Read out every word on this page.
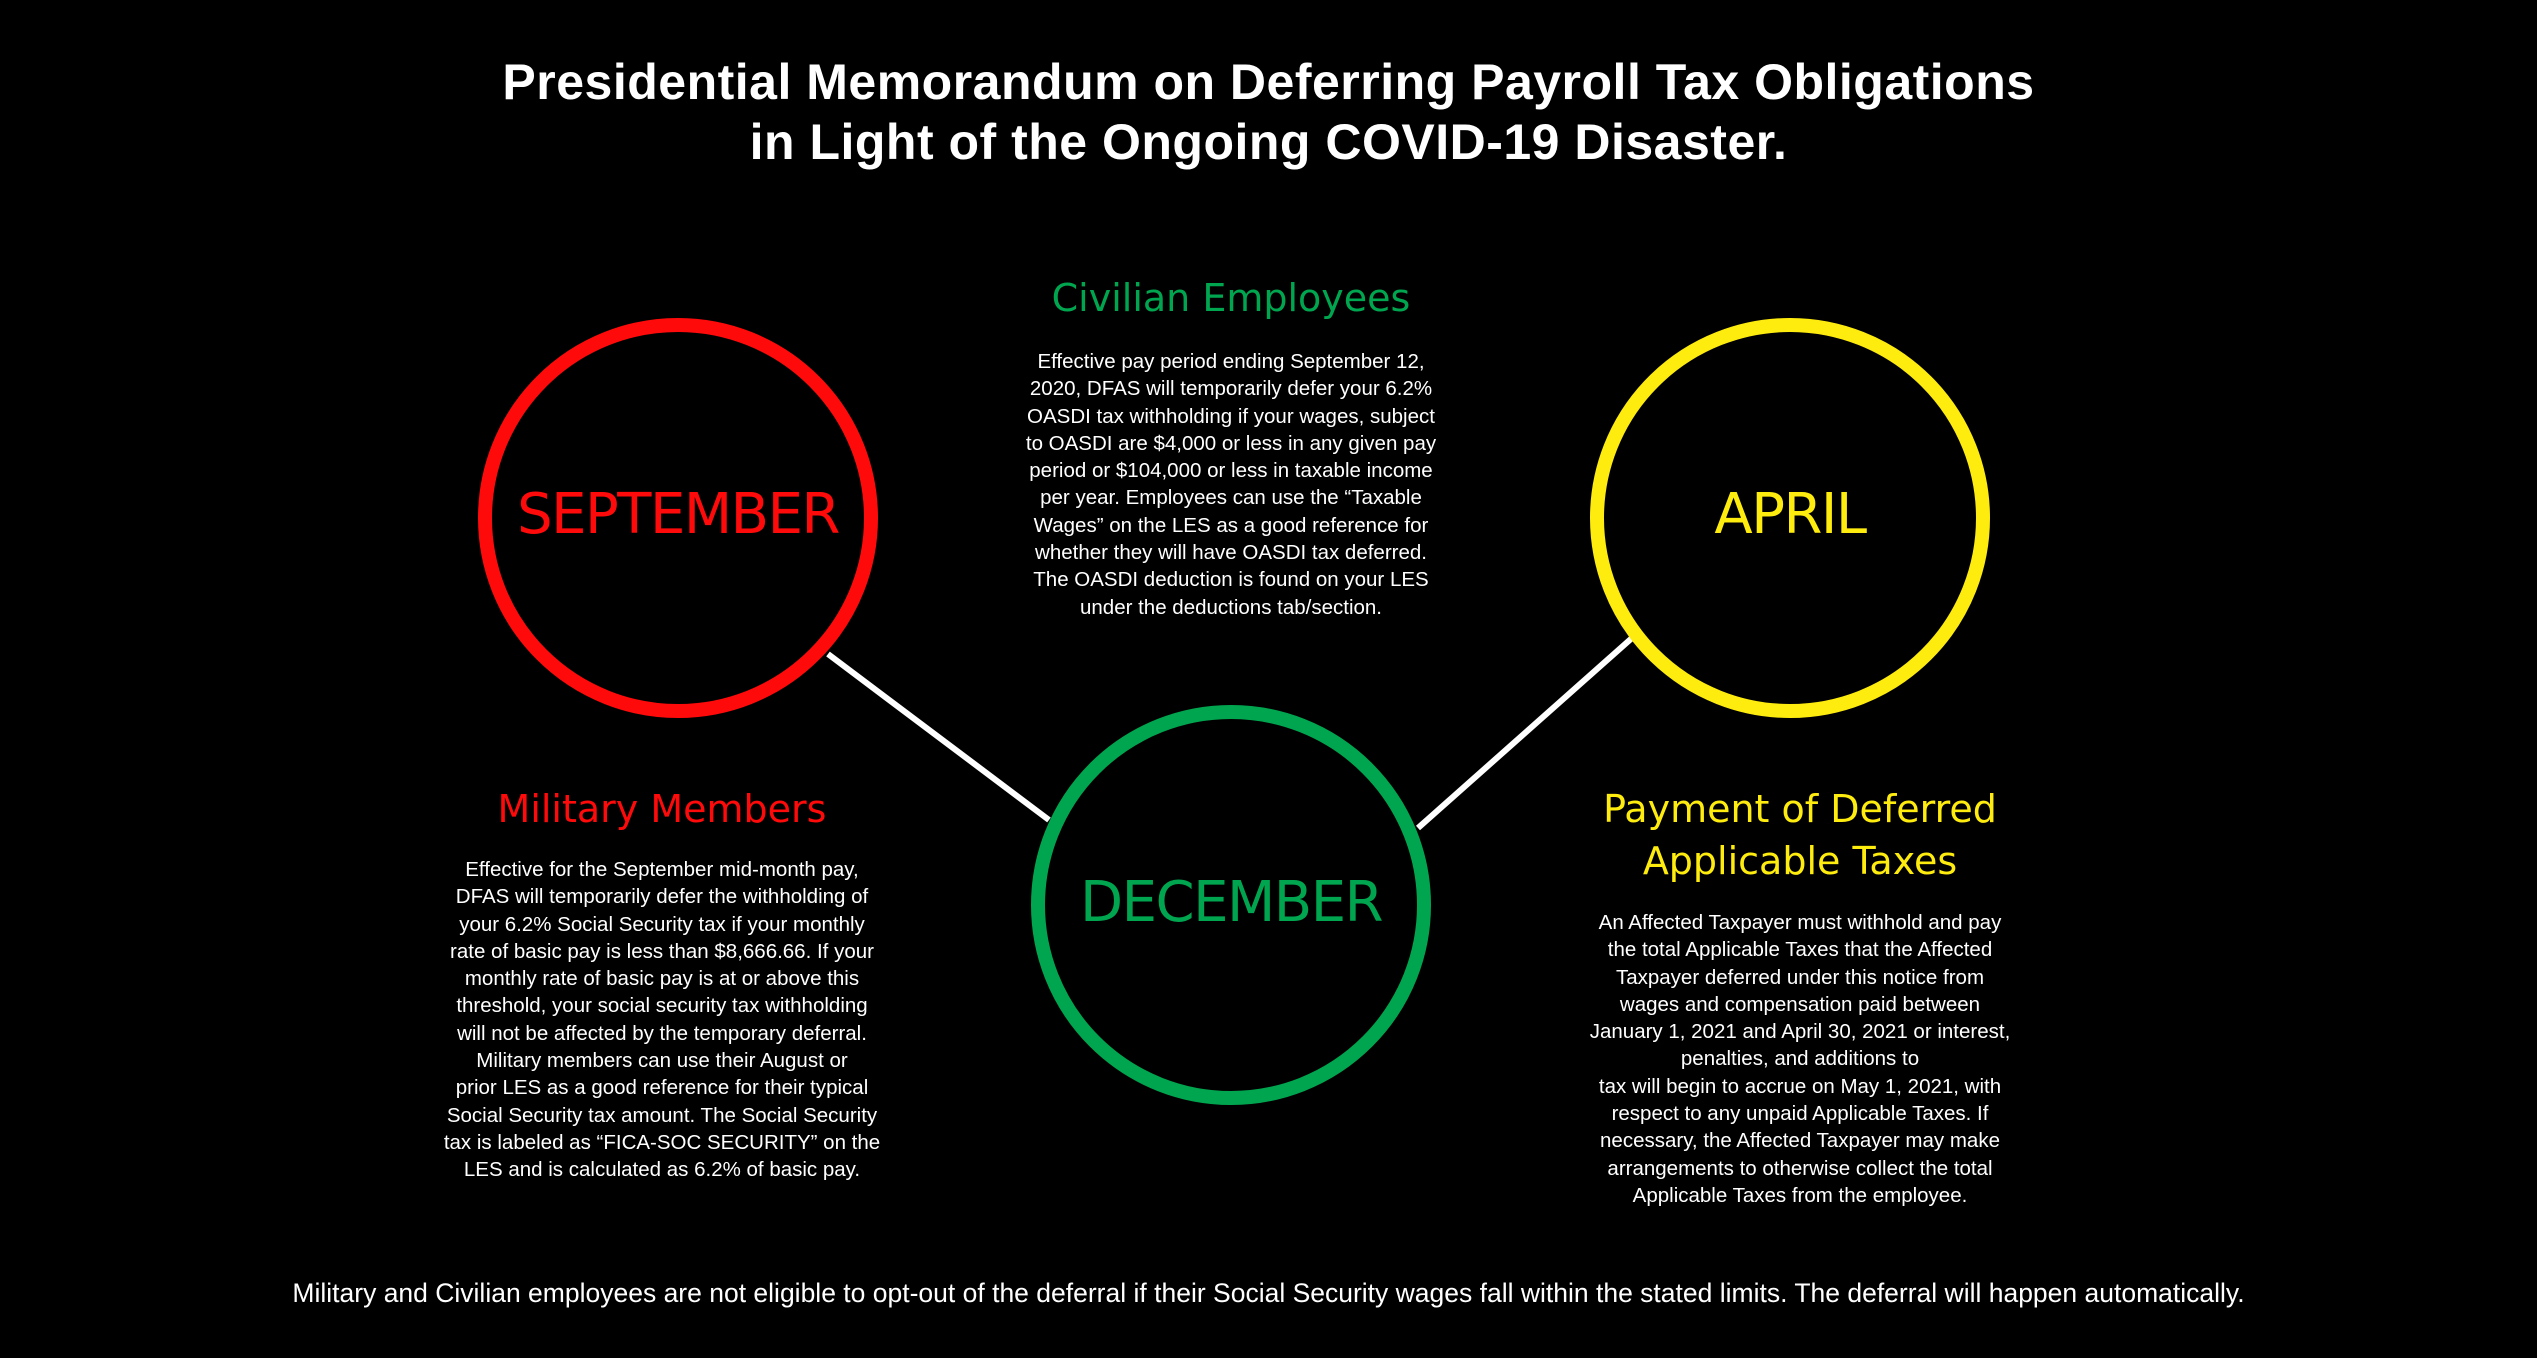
Presidential Memorandum on Deferring Payroll Tax Obligations
in Light of the Ongoing COVID-19 Disaster.
SEPTEMBER
DECEMBER
APRIL
Civilian Employees
Effective pay period ending September 12,
2020, DFAS will temporarily defer your 6.2%
OASDI tax withholding if your wages, subject
to OASDI are $4,000 or less in any given pay
period or $104,000 or less in taxable income
per year. Employees can use the “Taxable
Wages” on the LES as a good reference for
whether they will have OASDI tax deferred.
The OASDI deduction is found on your LES
under the deductions tab/section.
Military Members
Effective for the September mid-month pay,
DFAS will temporarily defer the withholding of
your 6.2% Social Security tax if your monthly
rate of basic pay is less than $8,666.66. If your
monthly rate of basic pay is at or above this
threshold, your social security tax withholding
will not be affected by the temporary deferral.
Military members can use their August or
prior LES as a good reference for their typical
Social Security tax amount. The Social Security
tax is labeled as “FICA-SOC SECURITY” on the
LES and is calculated as 6.2% of basic pay.
Payment of Deferred
Applicable Taxes
An Affected Taxpayer must withhold and pay
the total Applicable Taxes that the Affected
Taxpayer deferred under this notice from
wages and compensation paid between
January 1, 2021 and April 30, 2021 or interest,
penalties, and additions to
tax will begin to accrue on May 1, 2021, with
respect to any unpaid Applicable Taxes. If
necessary, the Affected Taxpayer may make
arrangements to otherwise collect the total
Applicable Taxes from the employee.
Military and Civilian employees are not eligible to opt-out of the deferral if their Social Security wages fall within the stated limits. The deferral will happen automatically.
